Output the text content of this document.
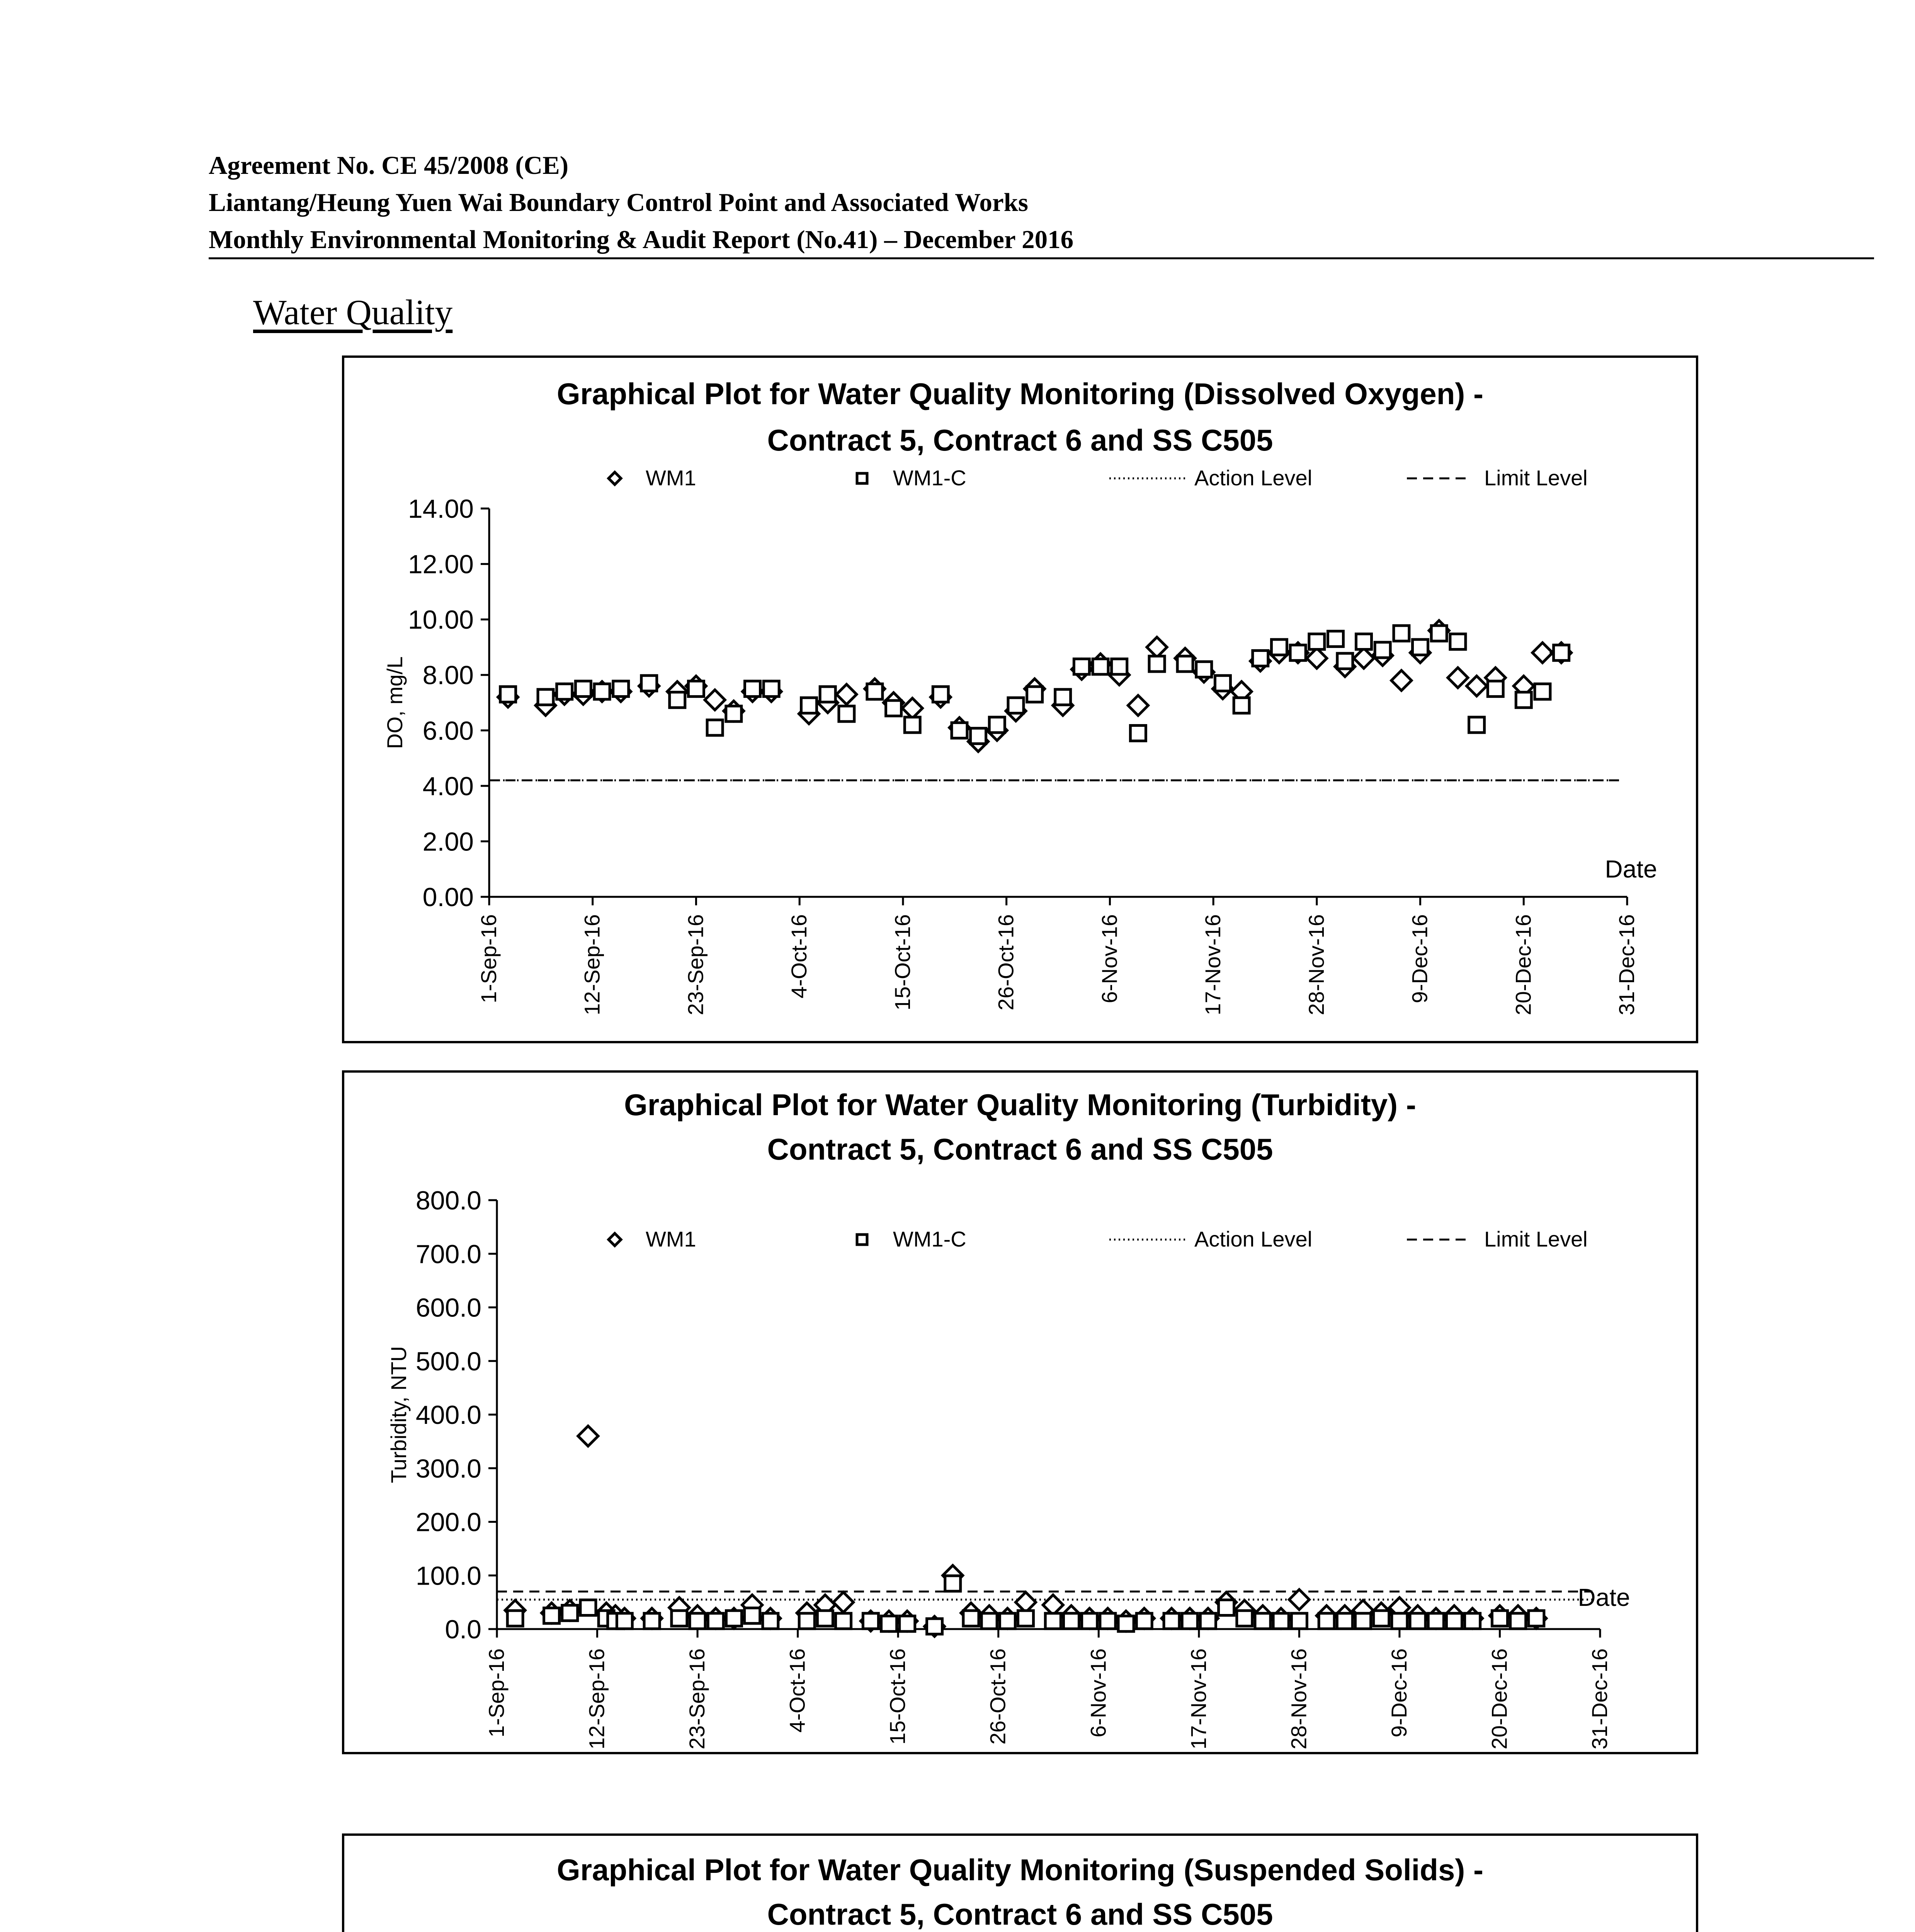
Agreement No. CE 45/2008 (CE)
Liantang/Heung Yuen Wai Boundary Control Point and Associated Works
Monthly Environmental Monitoring & Audit Report (No.41) – December 2016
Water Quality
Graphical Plot for Water Quality Monitoring (Dissolved Oxygen) -
Contract 5, Contract 6 and SS C505
WM1	WM1-C	Action Level	Limit Level
0.00
2.00
4.00
6.00
8.00
10.00
12.00
14.00
DO, mg/L
1-Sep-16	12-Sep-16	23-Sep-16	4-Oct-16	15-Oct-16	26-Oct-16	6-Nov-16	17-Nov-16	28-Nov-16	9-Dec-16	20-Dec-16	31-Dec-16
Date
Graphical Plot for Water Quality Monitoring (Turbidity) -
Contract 5, Contract 6 and SS C505
WM1	WM1-C	Action Level	Limit Level
0.0
100.0
200.0
300.0
400.0
500.0
600.0
700.0
800.0
Turbidity, NTU
1-Sep-16	12-Sep-16	23-Sep-16	4-Oct-16	15-Oct-16	26-Oct-16	6-Nov-16	17-Nov-16	28-Nov-16	9-Dec-16	20-Dec-16	31-Dec-16
Date
Graphical Plot for Water Quality Monitoring (Suspended Solids) -
Contract 5, Contract 6 and SS C505
